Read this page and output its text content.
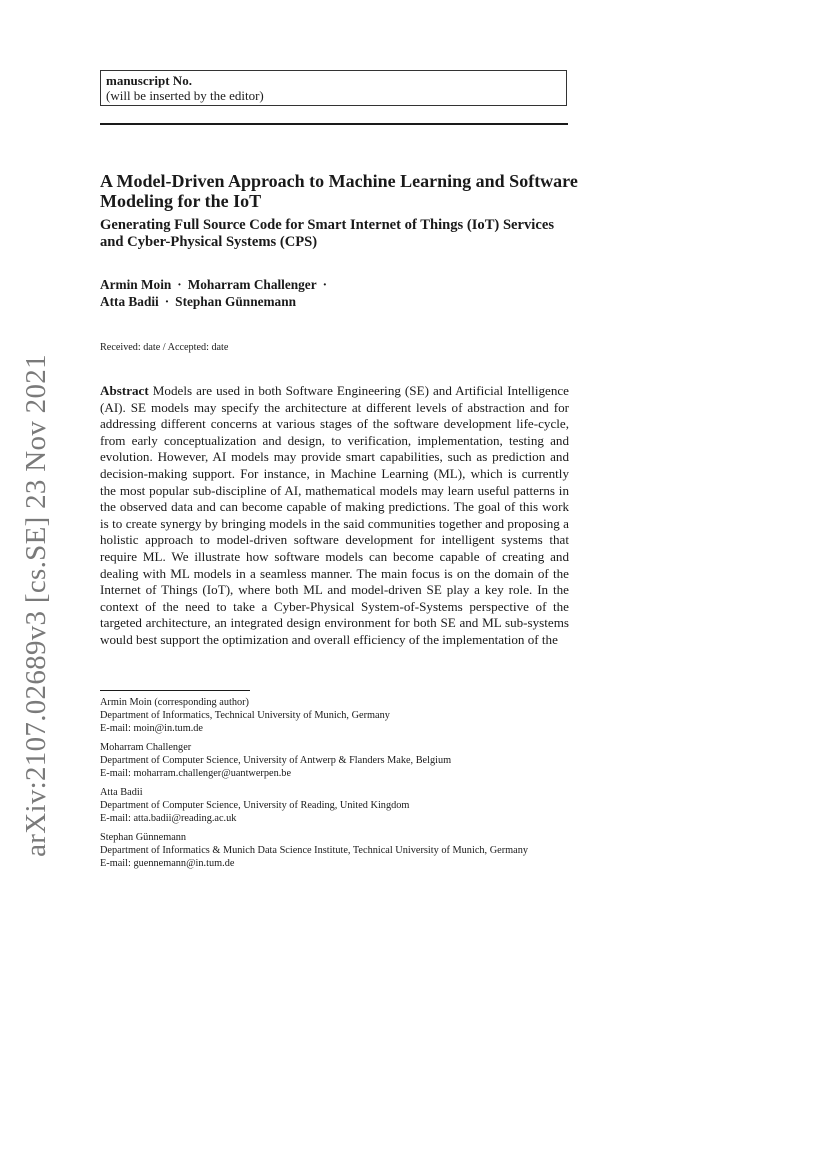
arXiv:2107.02689v3 [cs.SE] 23 Nov 2021
manuscript No.
(will be inserted by the editor)
A Model-Driven Approach to Machine Learning and Software Modeling for the IoT
Generating Full Source Code for Smart Internet of Things (IoT) Services and Cyber-Physical Systems (CPS)
Armin Moin · Moharram Challenger ·
Atta Badii · Stephan Günnemann
Received: date / Accepted: date
Abstract Models are used in both Software Engineering (SE) and Artificial Intelligence (AI). SE models may specify the architecture at different levels of abstraction and for addressing different concerns at various stages of the software development life-cycle, from early conceptualization and design, to verification, implementation, testing and evolution. However, AI models may provide smart capabilities, such as prediction and decision-making support. For instance, in Machine Learning (ML), which is currently the most popular sub-discipline of AI, mathematical models may learn useful patterns in the observed data and can become capable of making predictions. The goal of this work is to create synergy by bringing models in the said communities together and proposing a holistic approach to model-driven software development for intelligent systems that require ML. We illustrate how software models can become capable of creating and dealing with ML models in a seamless manner. The main focus is on the domain of the Internet of Things (IoT), where both ML and model-driven SE play a key role. In the context of the need to take a Cyber-Physical System-of-Systems perspective of the targeted architecture, an integrated design environment for both SE and ML sub-systems would best support the optimization and overall efficiency of the implementation of the
Armin Moin (corresponding author)
Department of Informatics, Technical University of Munich, Germany
E-mail: moin@in.tum.de
Moharram Challenger
Department of Computer Science, University of Antwerp & Flanders Make, Belgium
E-mail: moharram.challenger@uantwerpen.be
Atta Badii
Department of Computer Science, University of Reading, United Kingdom
E-mail: atta.badii@reading.ac.uk
Stephan Günnemann
Department of Informatics & Munich Data Science Institute, Technical University of Munich, Germany
E-mail: guennemann@in.tum.de
